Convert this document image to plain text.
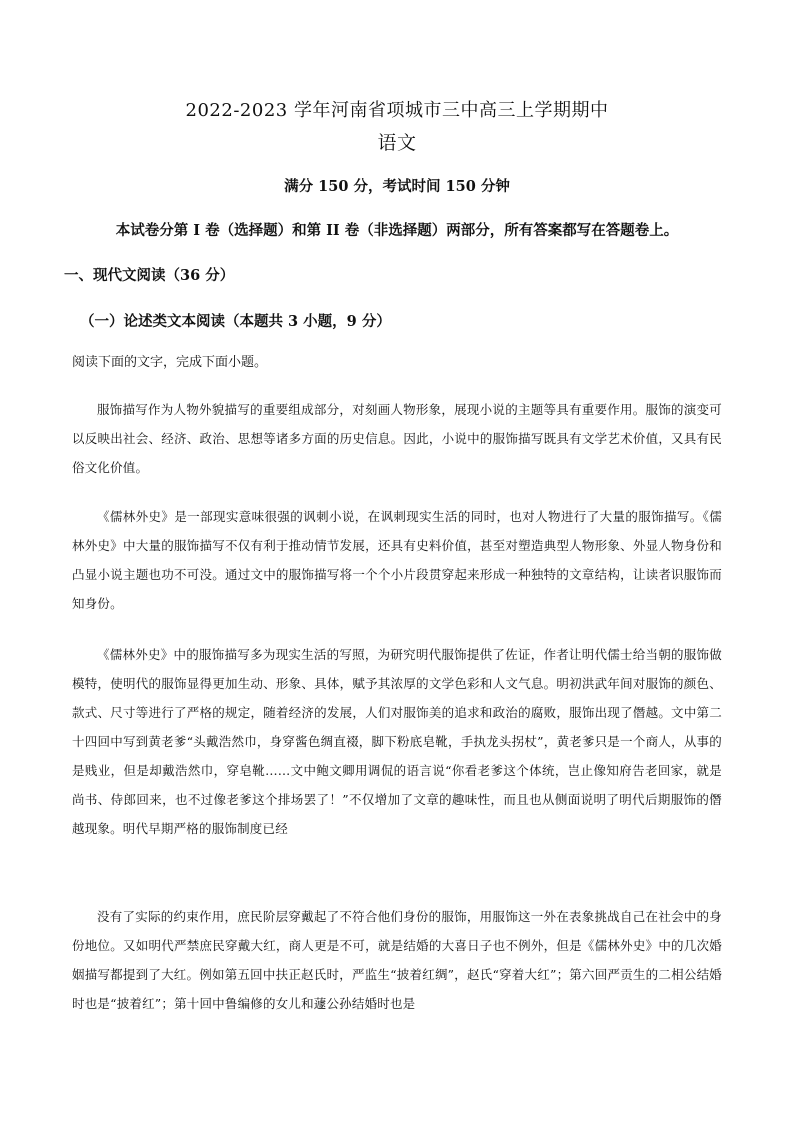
2022-2023 学年河南省项城市三中高三上学期期中
语文
满分 150 分，考试时间 150 分钟
本试卷分第 I 卷（选择题）和第 II 卷（非选择题）两部分，所有答案都写在答题卷上。
一、现代文阅读（36 分）
（一）论述类文本阅读（本题共 3 小题，9 分）
阅读下面的文字，完成下面小题。
服饰描写作为人物外貌描写的重要组成部分，对刻画人物形象，展现小说的主题等具有重要作用。服饰的演变可以反映出社会、经济、政治、思想等诸多方面的历史信息。因此，小说中的服饰描写既具有文学艺术价值，又具有民俗文化价值。
《儒林外史》是一部现实意味很强的讽刺小说，在讽刺现实生活的同时，也对人物进行了大量的服饰描写。《儒林外史》中大量的服饰描写不仅有利于推动情节发展，还具有史料价值，甚至对塑造典型人物形象、外显人物身份和凸显小说主题也功不可没。通过文中的服饰描写将一个个小片段贯穿起来形成一种独特的文章结构，让读者识服饰而知身份。
《儒林外史》中的服饰描写多为现实生活的写照，为研究明代服饰提供了佐证，作者让明代儒士给当朝的服饰做模特，使明代的服饰显得更加生动、形象、具体，赋予其浓厚的文学色彩和人文气息。明初洪武年间对服饰的颜色、款式、尺寸等进行了严格的规定，随着经济的发展，人们对服饰美的追求和政治的腐败，服饰出现了僭越。文中第二十四回中写到黄老爹“头戴浩然巾，身穿酱色绸直裰，脚下粉底皂靴，手执龙头拐杖”，黄老爹只是一个商人，从事的是贱业，但是却戴浩然巾，穿皂靴……文中鲍文卿用调侃的语言说“你看老爹这个体统，岂止像知府告老回家，就是尚书、侍郎回来，也不过像老爹这个排场罢了！”不仅增加了文章的趣味性，而且也从侧面说明了明代后期服饰的僭越现象。明代早期严格的服饰制度已经
没有了实际的约束作用，庶民阶层穿戴起了不符合他们身份的服饰，用服饰这一外在表象挑战自己在社会中的身份地位。又如明代严禁庶民穿戴大红，商人更是不可，就是结婚的大喜日子也不例外，但是《儒林外史》中的几次婚姻描写都提到了大红。例如第五回中扶正赵氏时，严监生“披着红绸”，赵氏“穿着大红”；第六回严贡生的二相公结婚时也是“披着红”；第十回中鲁编修的女儿和蘧公孙结婚时也是
